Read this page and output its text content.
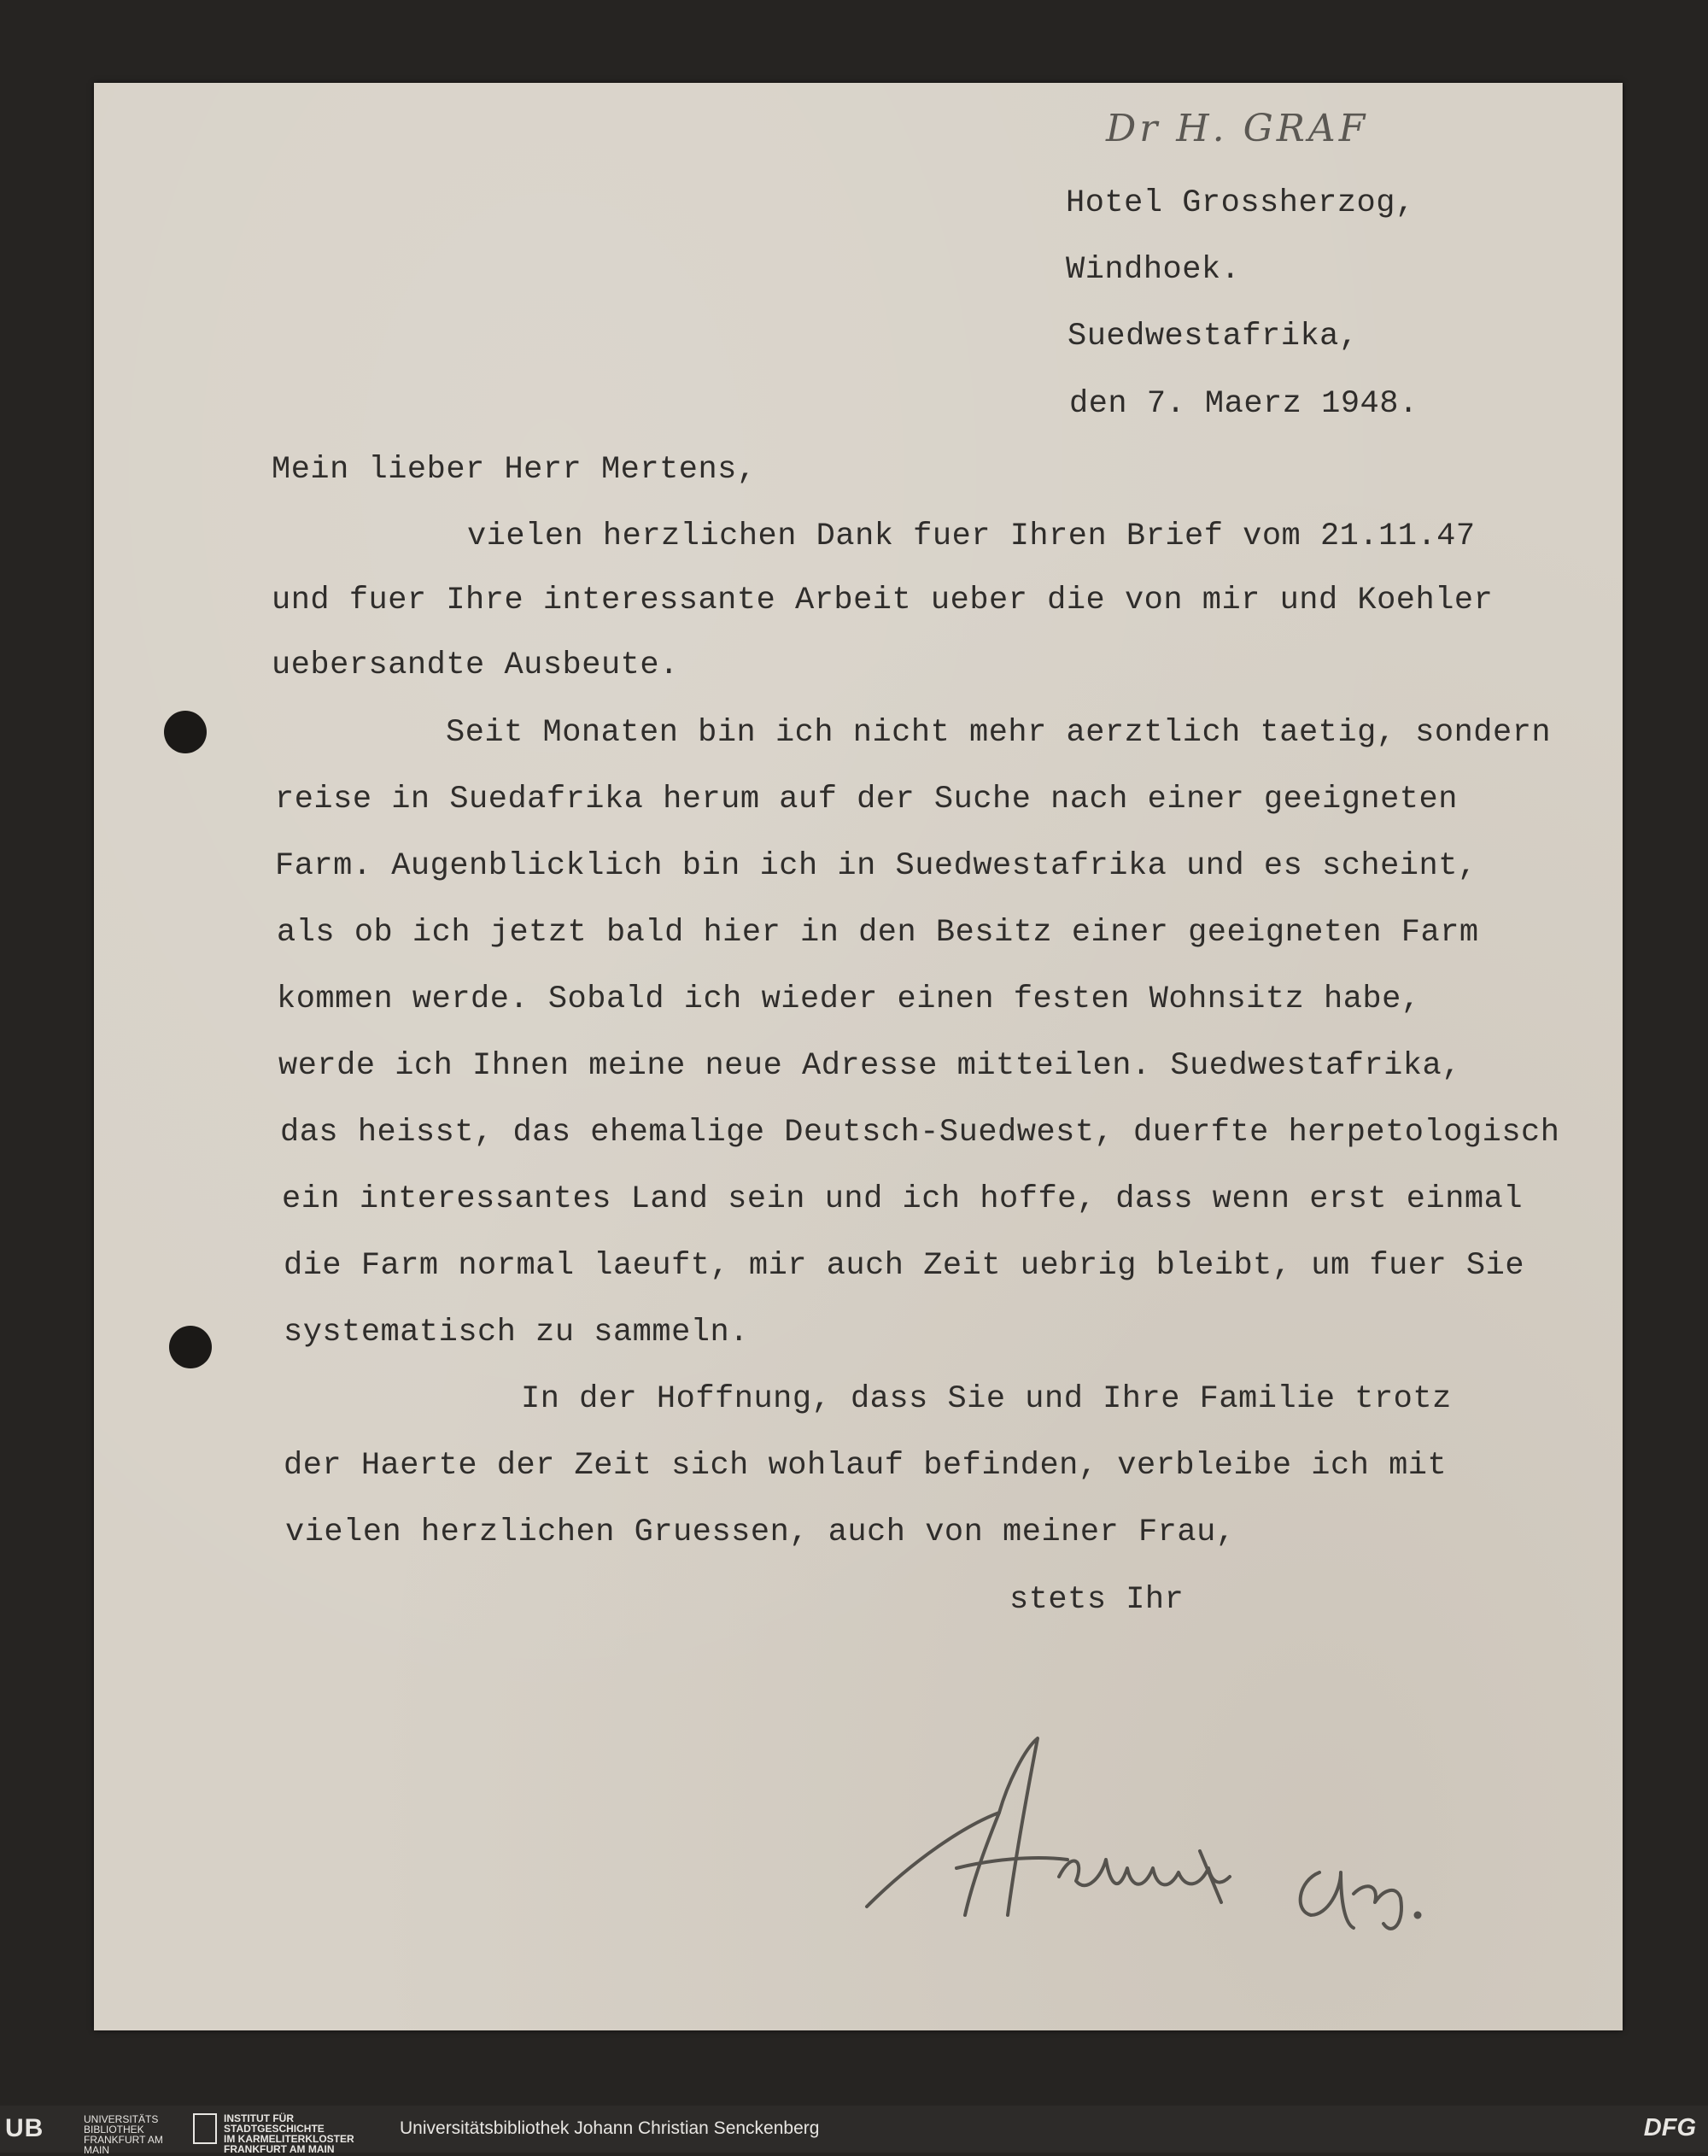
Dr H. GRAF
Hotel Grossherzog,
Windhoek.
Suedwestafrika,
den 7. Maerz 1948.
Mein lieber Herr Mertens,
vielen herzlichen Dank fuer Ihren Brief vom 21.11.47
und fuer Ihre interessante Arbeit ueber die von mir und Koehler
uebersandte Ausbeute.
Seit Monaten bin ich nicht mehr aerztlich taetig, sondern
reise in Suedafrika herum auf der Suche nach einer geeigneten
Farm. Augenblicklich bin ich in Suedwestafrika und es scheint,
als ob ich jetzt bald hier in den Besitz einer geeigneten Farm
kommen werde. Sobald ich wieder einen festen Wohnsitz habe,
werde ich Ihnen meine neue Adresse mitteilen. Suedwestafrika,
das heisst, das ehemalige Deutsch-Suedwest, duerfte herpetologisch
ein interessantes Land sein und ich hoffe, dass wenn erst einmal
die Farm normal laeuft, mir auch Zeit uebrig bleibt, um fuer Sie
systematisch zu sammeln.
In der Hoffnung, dass Sie und Ihre Familie trotz
der Haerte der Zeit sich wohlauf befinden, verbleibe ich mit
vielen herzlichen Gruessen, auch von meiner Frau,
stets Ihr
UB	UNIVERSITÄTS
BIBLIOTHEK
FRANKFURT AM MAIN
INSTITUT FÜR
STADTGESCHICHTE
IM KARMELITERKLOSTER
FRANKFURT AM MAIN
Universitätsbibliothek Johann Christian Senckenberg	DFG
